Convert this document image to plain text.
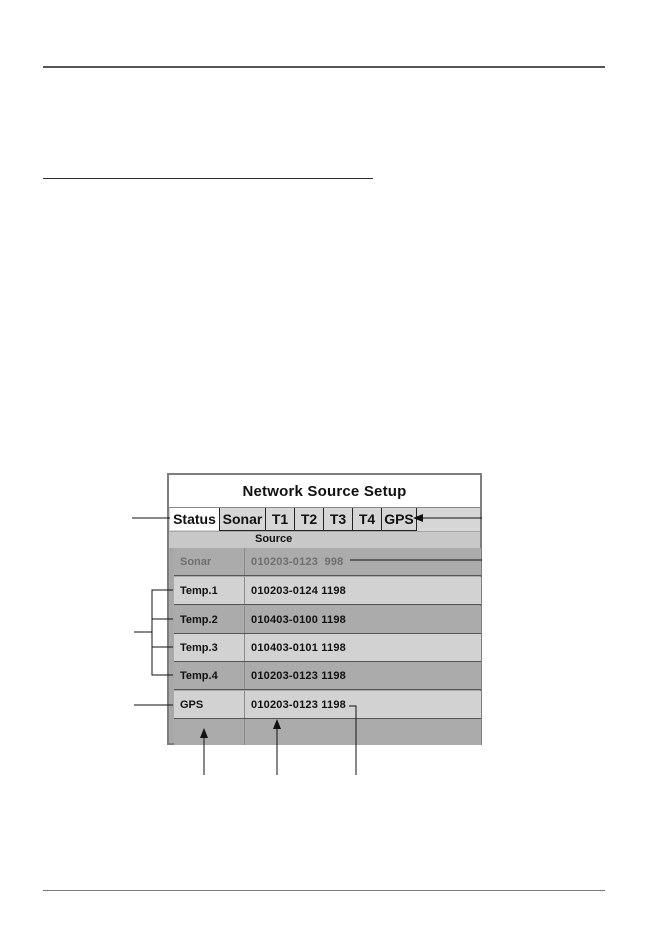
Network Source Setup
Status Sonar T1 T2 T3 T4 GPS
Source
Sonar	010203-0123  998
Temp.1	010203-0124 1198
Temp.2	010403-0100 1198
Temp.3	010403-0101 1198
Temp.4	010203-0123 1198
GPS	010203-0123 1198
